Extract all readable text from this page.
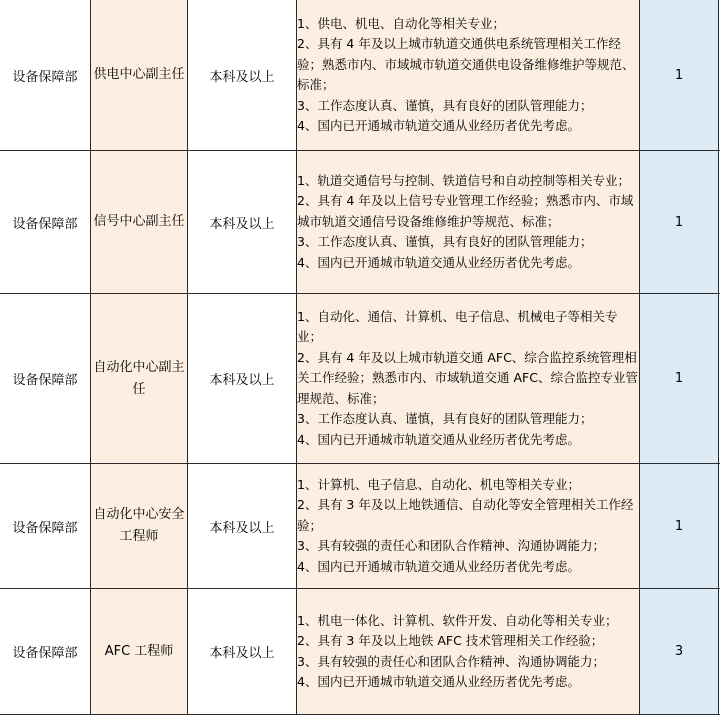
设备保障部	供电中心副主任	本科及以上	1、供电、机电、自动化等相关专业；
2、具有 4 年及以上城市轨道交通供电系统管理相关工作经验；熟悉市内、市域城市轨道交通供电设备维修维护等规范、标准；
3、工作态度认真、谨慎，具有良好的团队管理能力；
4、国内已开通城市轨道交通从业经历者优先考虑。	1	
设备保障部	信号中心副主任	本科及以上	1、轨道交通信号与控制、铁道信号和自动控制等相关专业；
2、具有 4 年及以上信号专业管理工作经验；熟悉市内、市域城市轨道交通信号设备维修维护等规范、标准；
3、工作态度认真、谨慎，具有良好的团队管理能力；
4、国内已开通城市轨道交通从业经历者优先考虑。	1	
设备保障部	自动化中心副主任	本科及以上	1、自动化、通信、计算机、电子信息、机械电子等相关专业；
2、具有 4 年及以上城市轨道交通 AFC、综合监控系统管理相关工作经验；熟悉市内、市域轨道交通 AFC、综合监控专业管理规范、标准；
3、工作态度认真、谨慎，具有良好的团队管理能力；
4、国内已开通城市轨道交通从业经历者优先考虑。	1	
设备保障部	自动化中心安全工程师	本科及以上	1、计算机、电子信息、自动化、机电等相关专业；
2、具有 3 年及以上地铁通信、自动化等安全管理相关工作经验；
3、具有较强的责任心和团队合作精神、沟通协调能力；
4、国内已开通城市轨道交通从业经历者优先考虑。	1	
设备保障部	AFC 工程师	本科及以上	1、机电一体化、计算机、软件开发、自动化等相关专业；
2、具有 3 年及以上地铁 AFC 技术管理相关工作经验；
3、具有较强的责任心和团队合作精神、沟通协调能力；
4、国内已开通城市轨道交通从业经历者优先考虑。	3	
